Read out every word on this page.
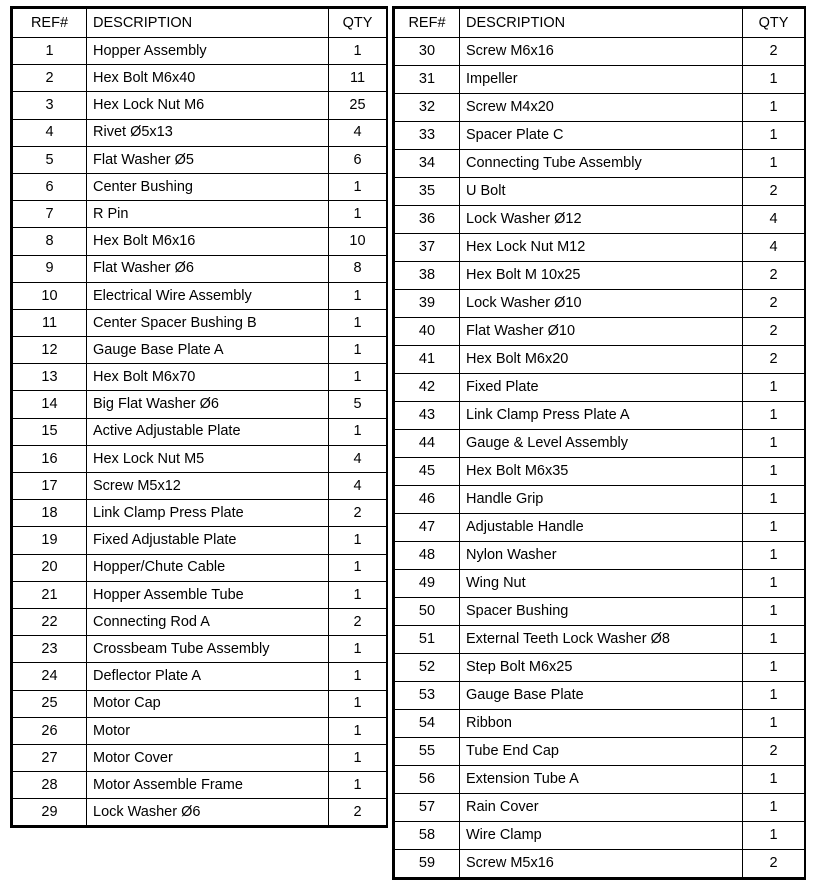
REF#	DESCRIPTION	QTY
1	Hopper Assembly	1
2	Hex Bolt M6x40	11
3	Hex Lock Nut M6	25
4	Rivet Ø5x13	4
5	Flat Washer Ø5	6
6	Center Bushing	1
7	R Pin	1
8	Hex Bolt M6x16	10
9	Flat Washer Ø6	8
10	Electrical Wire Assembly	1
11	Center Spacer Bushing B	1
12	Gauge Base Plate A	1
13	Hex Bolt M6x70	1
14	Big Flat Washer Ø6	5
15	Active Adjustable Plate	1
16	Hex Lock Nut M5	4
17	Screw M5x12	4
18	Link Clamp Press Plate	2
19	Fixed Adjustable Plate	1
20	Hopper/Chute Cable	1
21	Hopper Assemble Tube	1
22	Connecting Rod A	2
23	Crossbeam Tube Assembly	1
24	Deflector Plate A	1
25	Motor Cap	1
26	Motor	1
27	Motor Cover	1
28	Motor Assemble Frame	1
29	Lock Washer Ø6	2
REF#	DESCRIPTION	QTY
30	Screw M6x16	2
31	Impeller	1
32	Screw M4x20	1
33	Spacer Plate C	1
34	Connecting Tube Assembly	1
35	U Bolt	2
36	Lock Washer Ø12	4
37	Hex Lock Nut M12	4
38	Hex Bolt M 10x25	2
39	Lock Washer Ø10	2
40	Flat Washer Ø10	2
41	Hex Bolt M6x20	2
42	Fixed Plate	1
43	Link Clamp Press Plate A	1
44	Gauge & Level Assembly	1
45	Hex Bolt M6x35	1
46	Handle Grip	1
47	Adjustable Handle	1
48	Nylon Washer	1
49	Wing Nut	1
50	Spacer Bushing	1
51	External Teeth Lock Washer Ø8	1
52	Step Bolt M6x25	1
53	Gauge Base Plate	1
54	Ribbon	1
55	Tube End Cap	2
56	Extension Tube A	1
57	Rain Cover	1
58	Wire Clamp	1
59	Screw M5x16	2
